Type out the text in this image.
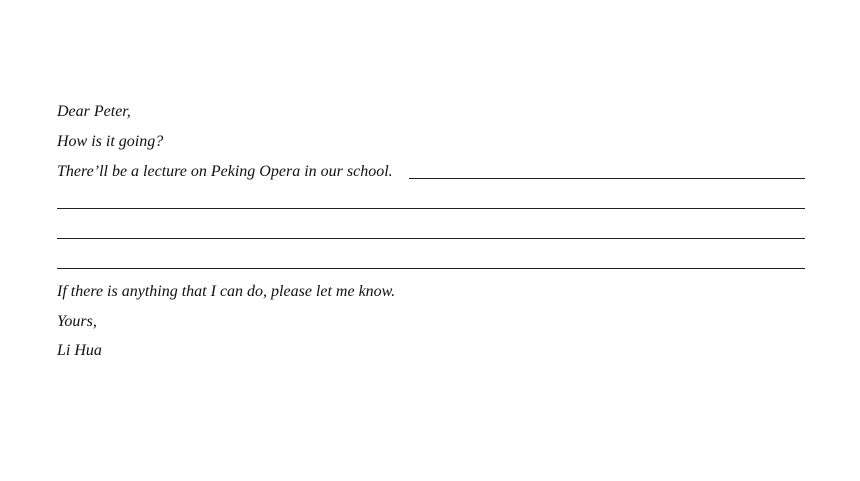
Dear Peter,
How is it going?
There’ll be a lecture on Peking Opera in our school.
If there is anything that I can do, please let me know.
Yours,
Li Hua
